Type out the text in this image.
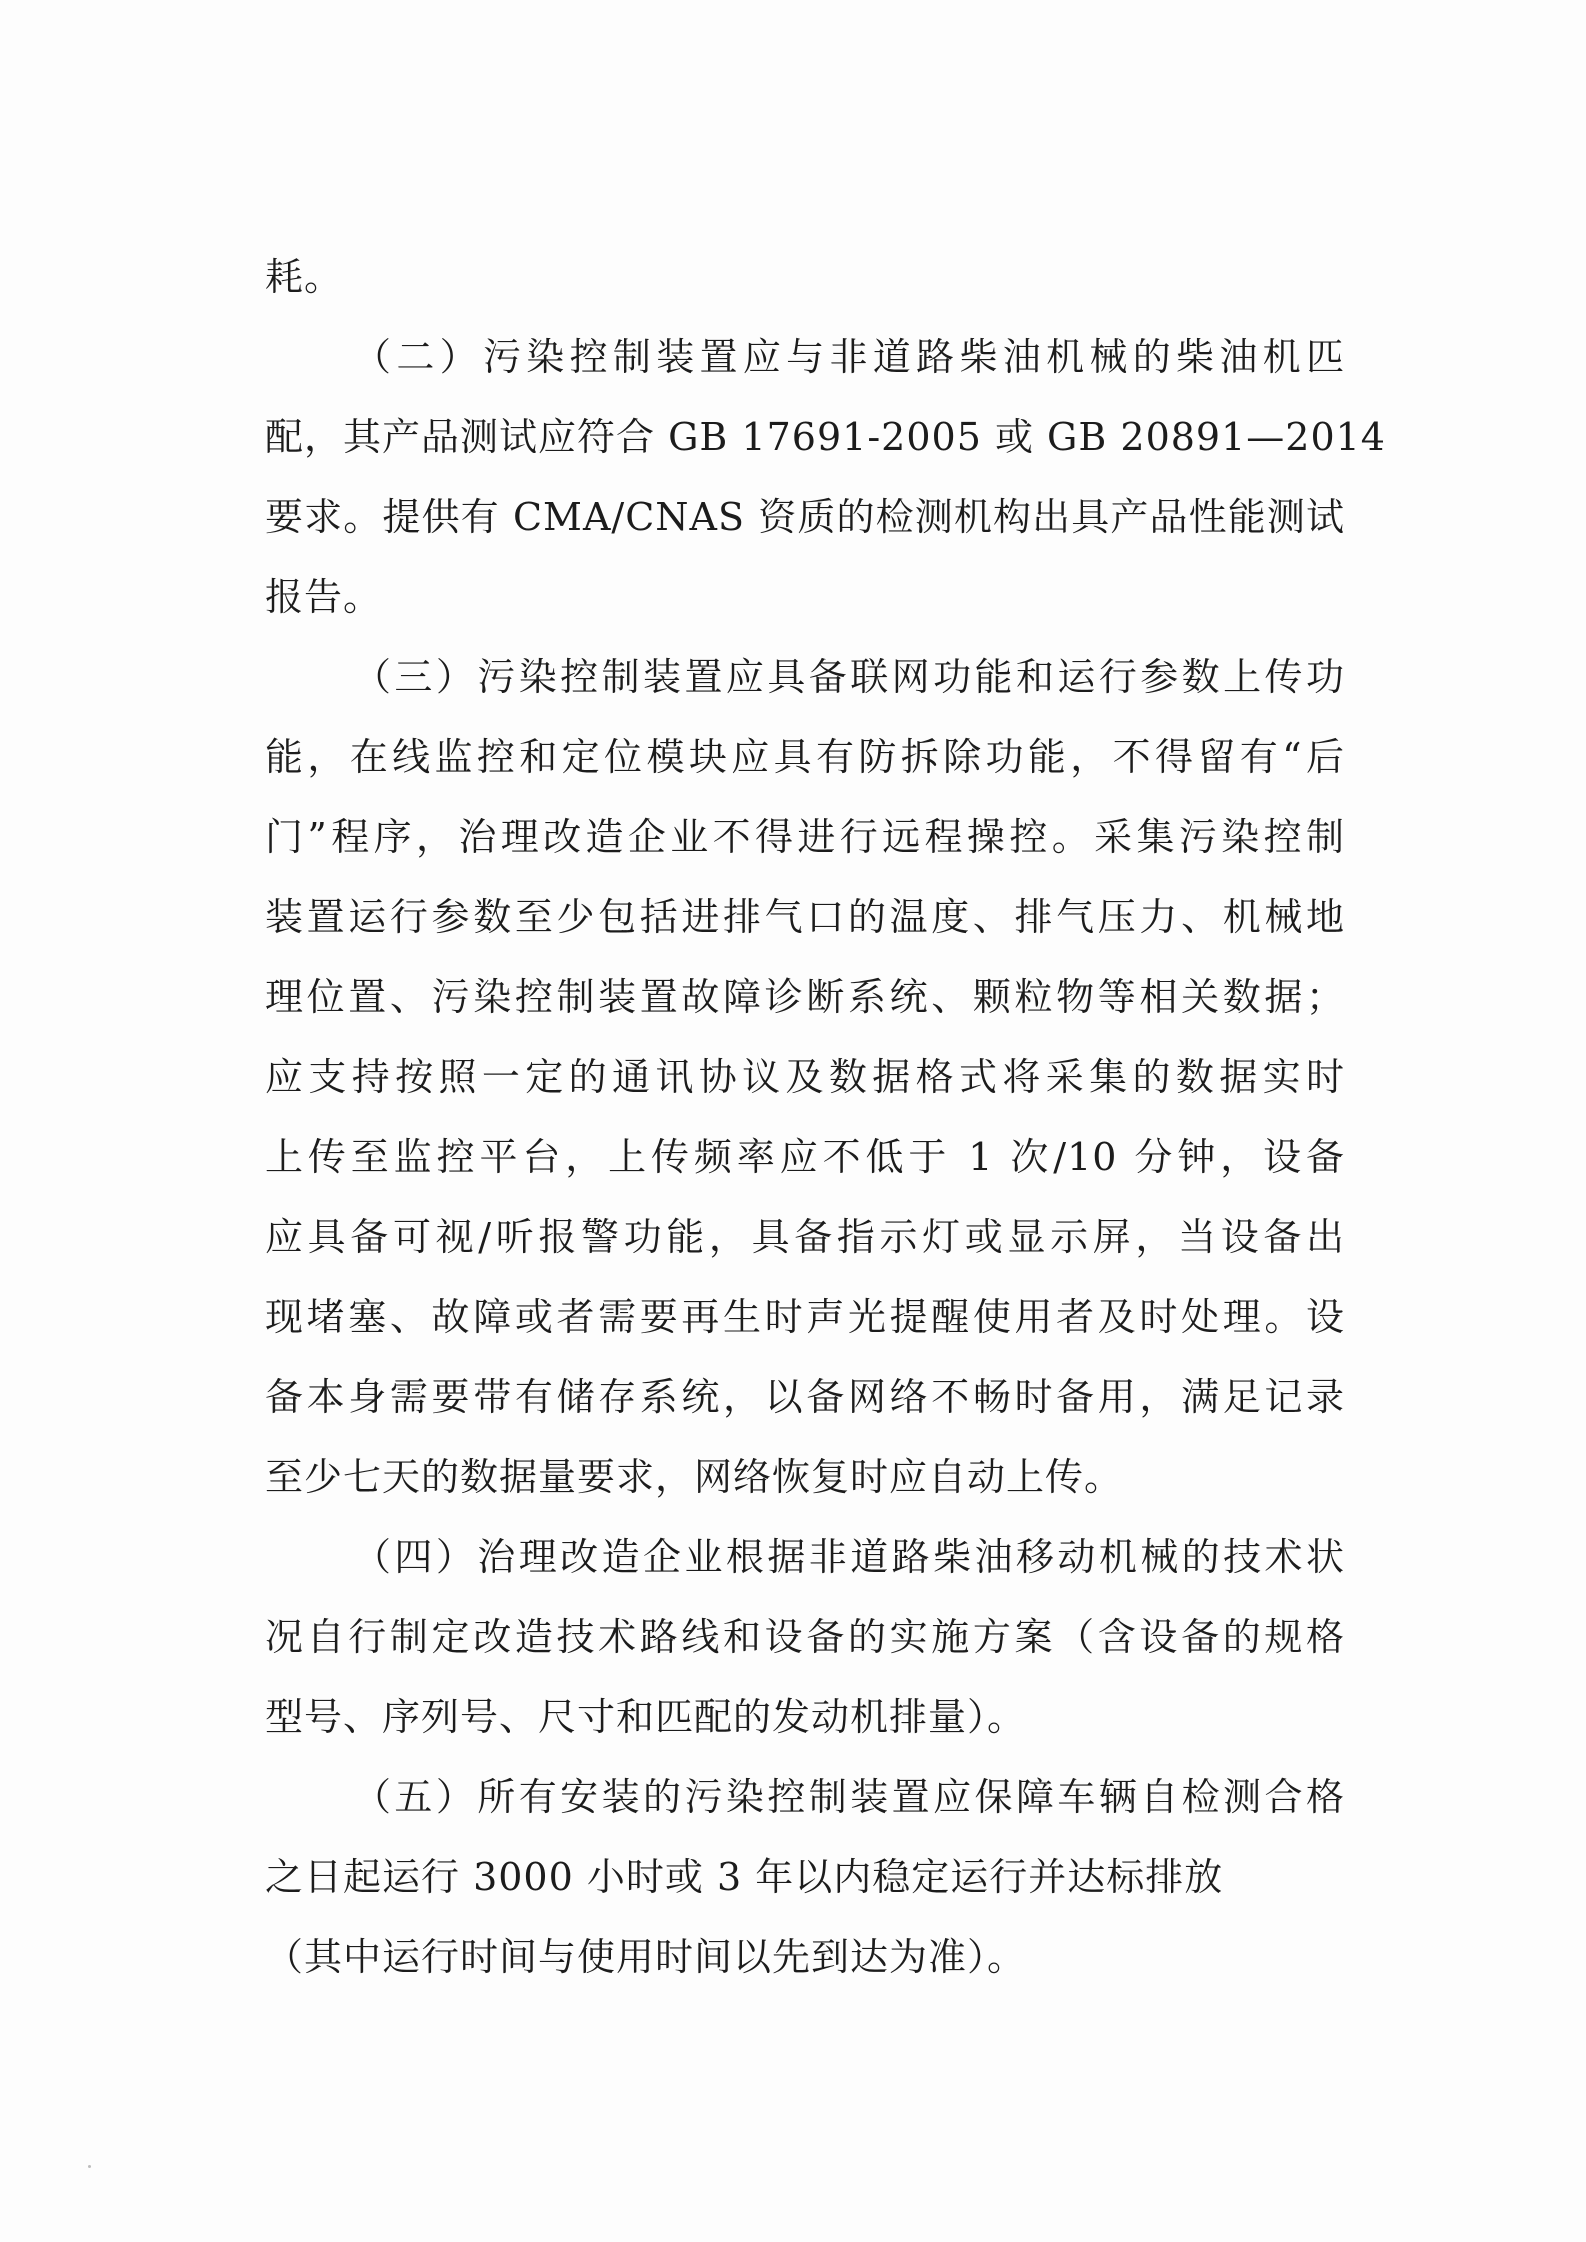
耗。
（二）污染控制装置应与非道路柴油机械的柴油机匹
配，其产品测试应符合 GB 17691-2005 或 GB 20891—2014
要求。提供有 CMA/CNAS 资质的检测机构出具产品性能测试
报告。
（三）污染控制装置应具备联网功能和运行参数上传功
能，在线监控和定位模块应具有防拆除功能，不得留有“后
门”程序，治理改造企业不得进行远程操控。采集污染控制
装置运行参数至少包括进排气口的温度、排气压力、机械地
理位置、污染控制装置故障诊断系统、颗粒物等相关数据；
应支持按照一定的通讯协议及数据格式将采集的数据实时
上传至监控平台，上传频率应不低于 1 次/10 分钟，设备
应具备可视/听报警功能，具备指示灯或显示屏，当设备出
现堵塞、故障或者需要再生时声光提醒使用者及时处理。设
备本身需要带有储存系统，以备网络不畅时备用，满足记录
至少七天的数据量要求，网络恢复时应自动上传。
（四）治理改造企业根据非道路柴油移动机械的技术状
况自行制定改造技术路线和设备的实施方案（含设备的规格
型号、序列号、尺寸和匹配的发动机排量）。
（五）所有安装的污染控制装置应保障车辆自检测合格
之日起运行 3000 小时或 3 年以内稳定运行并达标排放
（其中运行时间与使用时间以先到达为准）。
